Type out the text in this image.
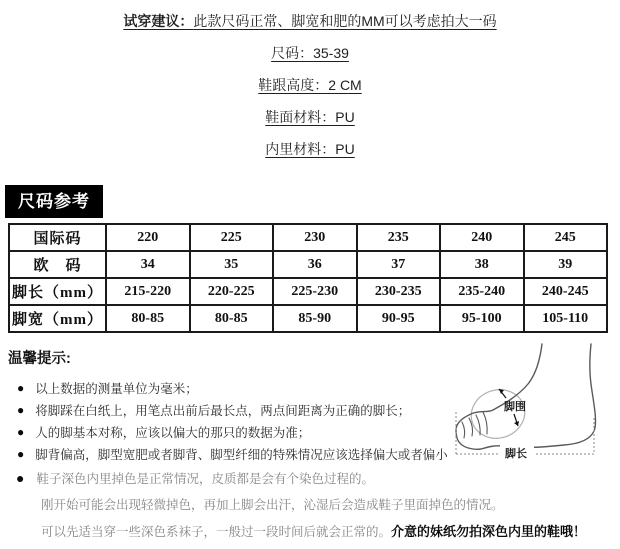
试穿建议：此款尺码正常、脚宽和肥的MM可以考虑拍大一码
尺码：35-39
鞋跟高度：2 CM
鞋面材料：PU
内里材料：PU
尺码参考
国际码	220	225	230	235	240	245
欧　码	34	35	36	37	38	39
脚长（mm）	215-220	220-225	225-230	230-235	235-240	240-245
脚宽（mm）	80-85	80-85	85-90	90-95	95-100	105-110
温馨提示:
●
以上数据的测量单位为毫米；
●
将脚踩在白纸上，用笔点出前后最长点，两点间距离为正确的脚长；
●
人的脚基本对称，应该以偏大的那只的数据为准；
●
脚背偏高，脚型宽肥或者脚背、脚型纤细的特殊情况应该选择偏大或者偏小
●
鞋子深色内里掉色是正常情况，皮质都是会有个染色过程的。
刚开始可能会出现轻微掉色，再加上脚会出汗，沁湿后会造成鞋子里面掉色的情况。
可以先适当穿一些深色系袜子，一般过一段时间后就会正常的。 介意的妹纸勿拍深色内里的鞋哦！
脚围
脚长
